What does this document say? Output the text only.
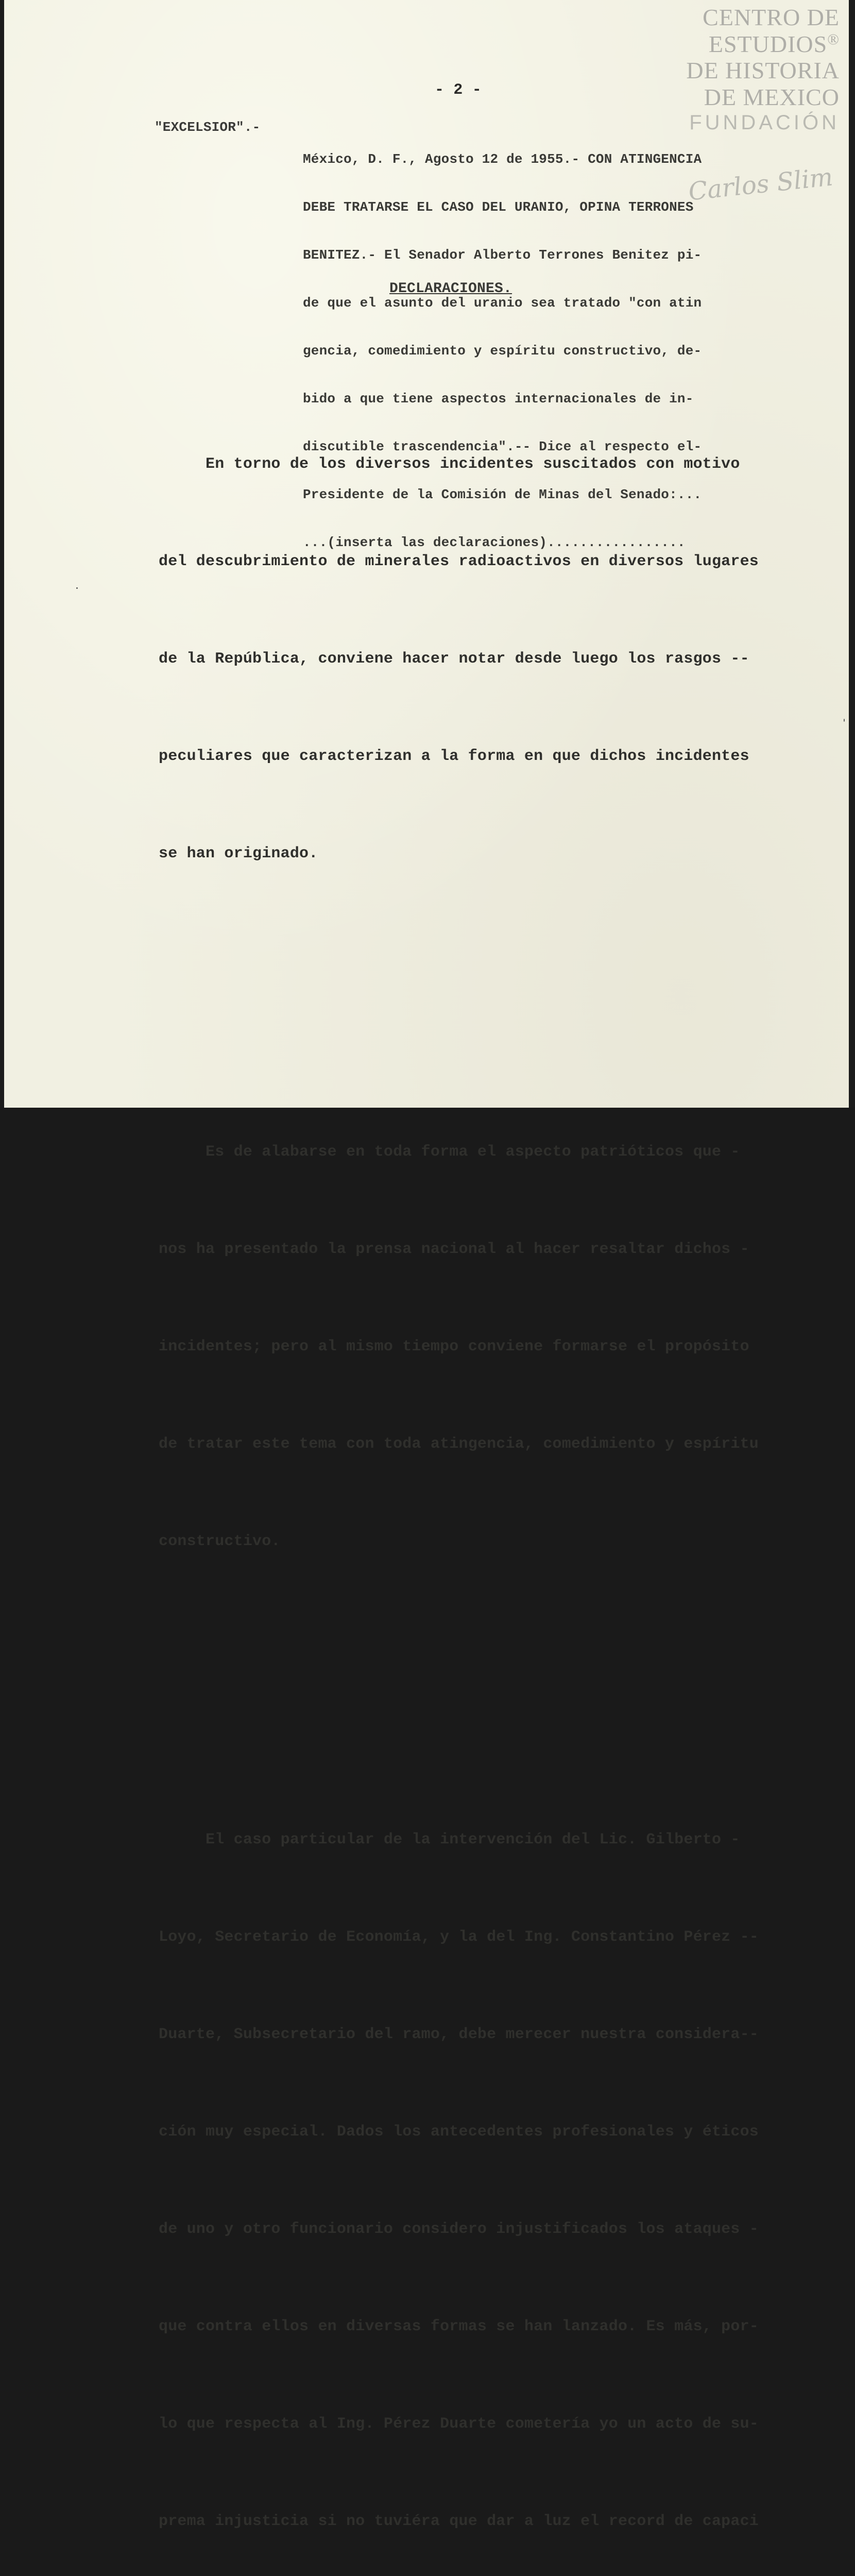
CENTRO DE
ESTUDIOS®
DE HISTORIA
DE MEXICO
FUNDACIÓN
Carlos Slim
- 2 -
"EXCELSIOR".-

México, D. F., Agosto 12 de 1955.- CON ATINGENCIA

DEBE TRATARSE EL CASO DEL URANIO, OPINA TERRONES

BENITEZ.- El Senador Alberto Terrones Benitez pi-

de que el asunto del uranio sea tratado "con atin

gencia, comedimiento y espíritu constructivo, de-

bido a que tiene aspectos internacionales de in-

discutible trascendencia".-- Dice al respecto el-

Presidente de la Comisión de Minas del Senado:...

...(inserta las declaraciones).................

DECLARACIONES.

En torno de los diversos incidentes suscitados con motivo

del descubrimiento de minerales radioactivos en diversos lugares

de la República, conviene hacer notar desde luego los rasgos --

peculiares que caracterizan a la forma en que dichos incidentes

se han originado.

Es de alabarse en toda forma el aspecto patrióticos que -

nos ha presentado la prensa nacional al hacer resaltar dichos -

incidentes; pero al mismo tiempo conviene formarse el propósito

de tratar este tema con toda atingencia, comedimiento y espíritu

constructivo.

El caso particular de la intervención del Lic. Gilberto -

Loyo, Secretario de Economía, y la del Ing. Constantino Pérez --

Duarte, Subsecretario del ramo, debe merecer nuestra considera--

ción muy especial. Dados los antecedentes profesionales y éticos

de uno y otro funcionario considero injustificados los ataques -

que contra ellos en diversas formas se han lanzado. Es más, por-

lo que respecta al Ing. Pérez Duarte cometería yo un acto de su-

prema injusticia si no tuviéra que dar a luz el record de capaci
